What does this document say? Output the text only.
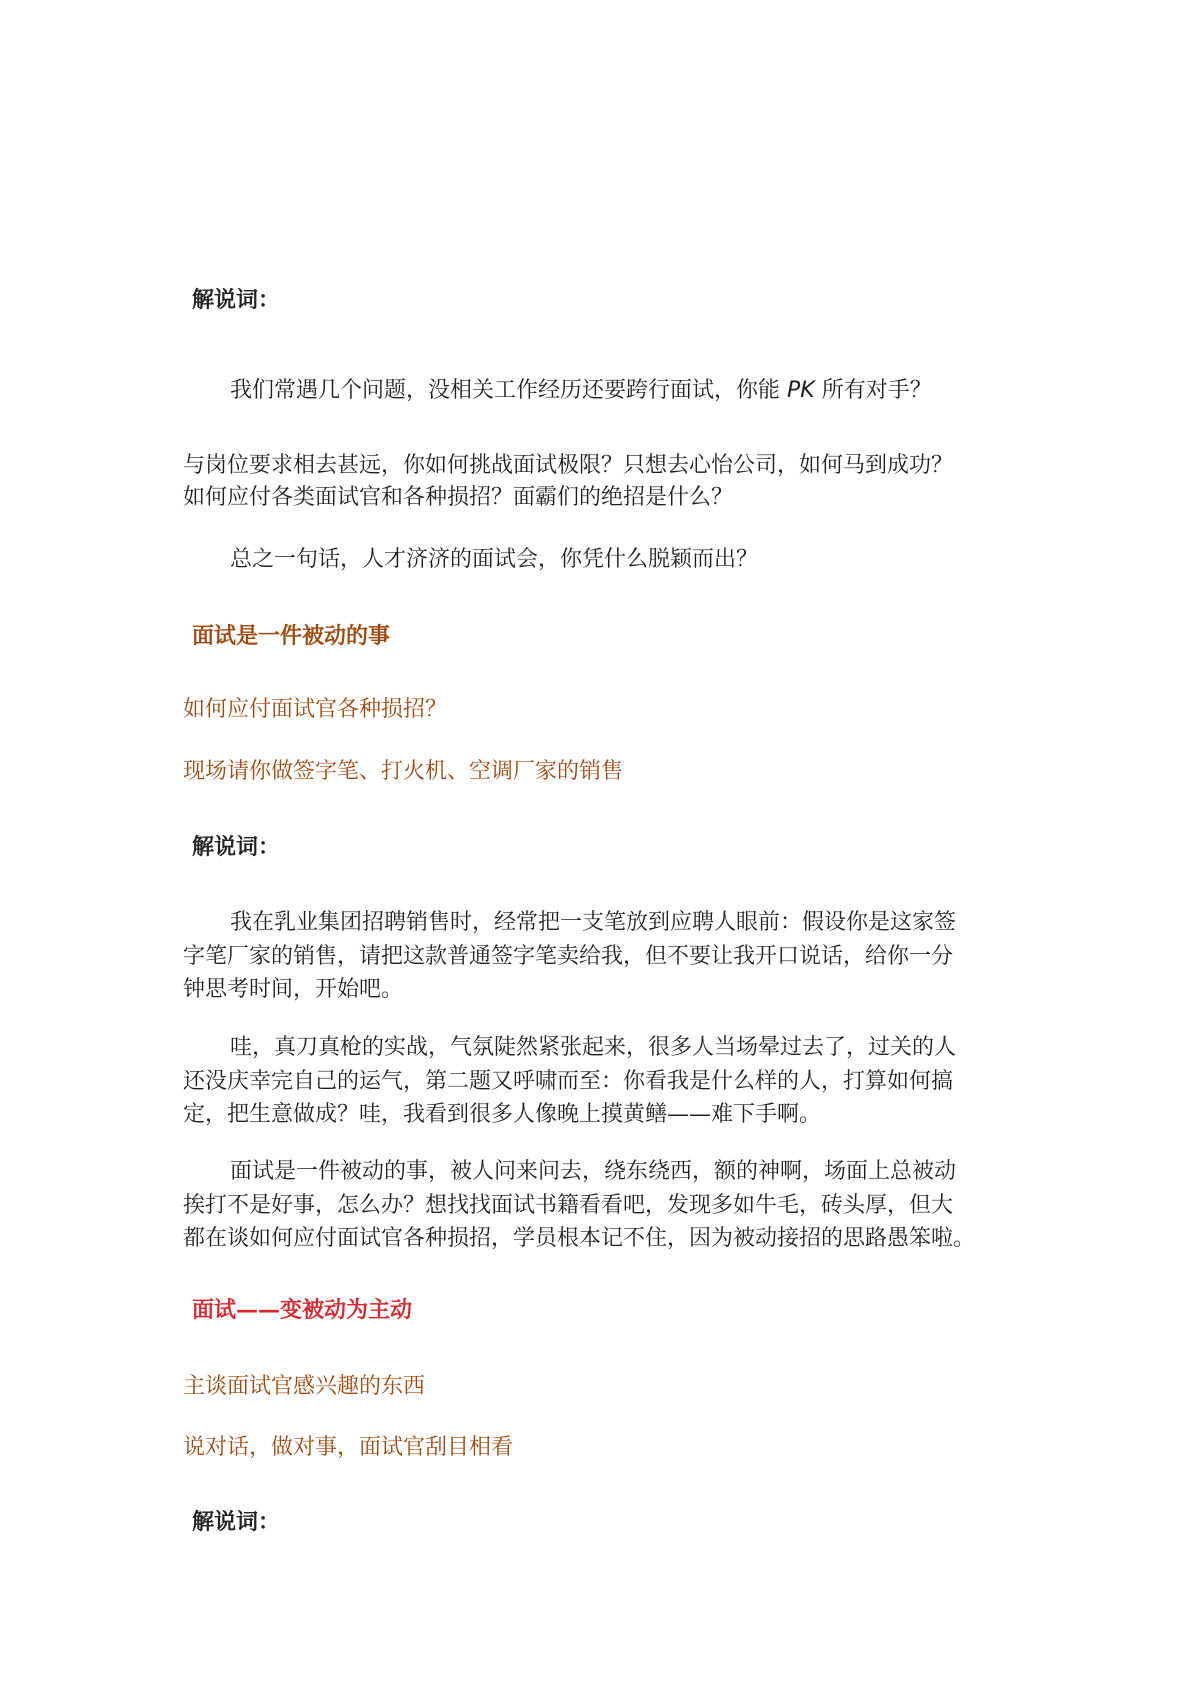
解说词：

我们常遇几个问题，没相关工作经历还要跨行面试，你能 PK 所有对手？

与岗位要求相去甚远，你如何挑战面试极限？只想去心怡公司，如何马到成功？

如何应付各类面试官和各种损招？面霸们的绝招是什么？

总之一句话，人才济济的面试会，你凭什么脱颖而出？

面试是一件被动的事

如何应付面试官各种损招？

现场请你做签字笔、打火机、空调厂家的销售

解说词：

我在乳业集团招聘销售时，经常把一支笔放到应聘人眼前：假设你是这家签

字笔厂家的销售，请把这款普通签字笔卖给我，但不要让我开口说话，给你一分

钟思考时间，开始吧。

哇，真刀真枪的实战，气氛陡然紧张起来，很多人当场晕过去了，过关的人

还没庆幸完自己的运气，第二题又呼啸而至：你看我是什么样的人，打算如何搞

定，把生意做成？哇，我看到很多人像晚上摸黄鳝——难下手啊。

面试是一件被动的事，被人问来问去，绕东绕西，额的神啊，场面上总被动

挨打不是好事，怎么办？想找找面试书籍看看吧，发现多如牛毛，砖头厚，但大

都在谈如何应付面试官各种损招，学员根本记不住，因为被动接招的思路愚笨啦。

面试——变被动为主动

主谈面试官感兴趣的东西

说对话，做对事，面试官刮目相看

解说词：
